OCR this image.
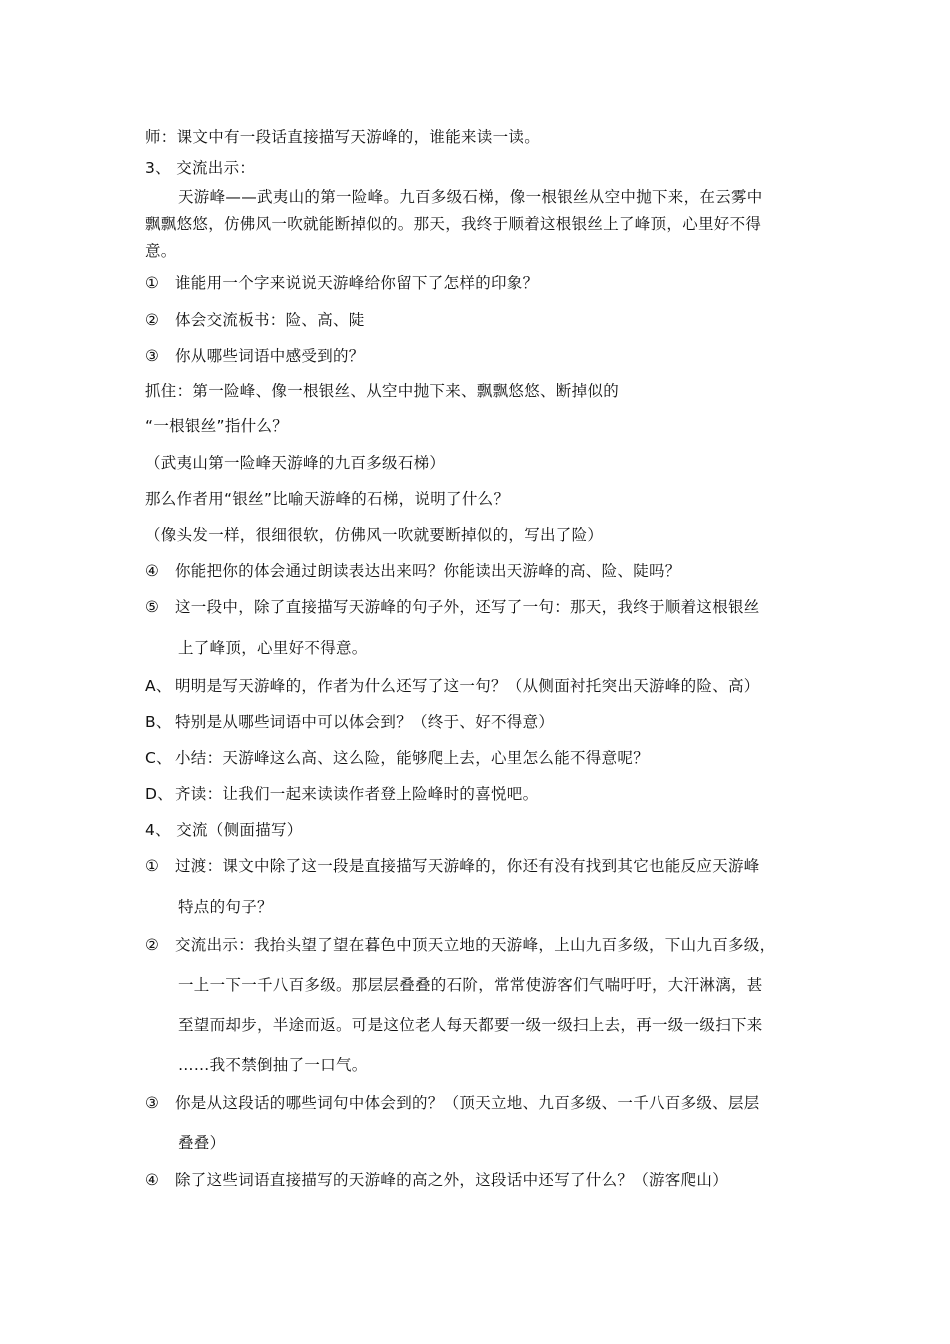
师：课文中有一段话直接描写天游峰的，谁能来读一读。
3、 交流出示：
天游峰——武夷山的第一险峰。九百多级石梯，像一根银丝从空中抛下来，在云雾中
飘飘悠悠，仿佛风一吹就能断掉似的。那天，我终于顺着这根银丝上了峰顶，心里好不得
意。
① 谁能用一个字来说说天游峰给你留下了怎样的印象？
② 体会交流板书：险、高、陡
③ 你从哪些词语中感受到的？
抓住：第一险峰、像一根银丝、从空中抛下来、飘飘悠悠、断掉似的
“一根银丝”指什么？
（武夷山第一险峰天游峰的九百多级石梯）
那么作者用“银丝”比喻天游峰的石梯，说明了什么？
（像头发一样，很细很软，仿佛风一吹就要断掉似的，写出了险）
④ 你能把你的体会通过朗读表达出来吗？你能读出天游峰的高、险、陡吗？
⑤ 这一段中，除了直接描写天游峰的句子外，还写了一句：那天，我终于顺着这根银丝
上了峰顶，心里好不得意。
A、 明明是写天游峰的，作者为什么还写了这一句？（从侧面衬托突出天游峰的险、高）
B、 特别是从哪些词语中可以体会到？（终于、好不得意）
C、 小结：天游峰这么高、这么险，能够爬上去，心里怎么能不得意呢？
D、 齐读：让我们一起来读读作者登上险峰时的喜悦吧。
4、 交流（侧面描写）
① 过渡：课文中除了这一段是直接描写天游峰的，你还有没有找到其它也能反应天游峰
特点的句子？
② 交流出示：我抬头望了望在暮色中顶天立地的天游峰，上山九百多级，下山九百多级，
一上一下一千八百多级。那层层叠叠的石阶，常常使游客们气喘吁吁，大汗淋漓，甚
至望而却步，半途而返。可是这位老人每天都要一级一级扫上去，再一级一级扫下来
……我不禁倒抽了一口气。
③ 你是从这段话的哪些词句中体会到的？（顶天立地、九百多级、一千八百多级、层层
叠叠）
④ 除了这些词语直接描写的天游峰的高之外，这段话中还写了什么？（游客爬山）
